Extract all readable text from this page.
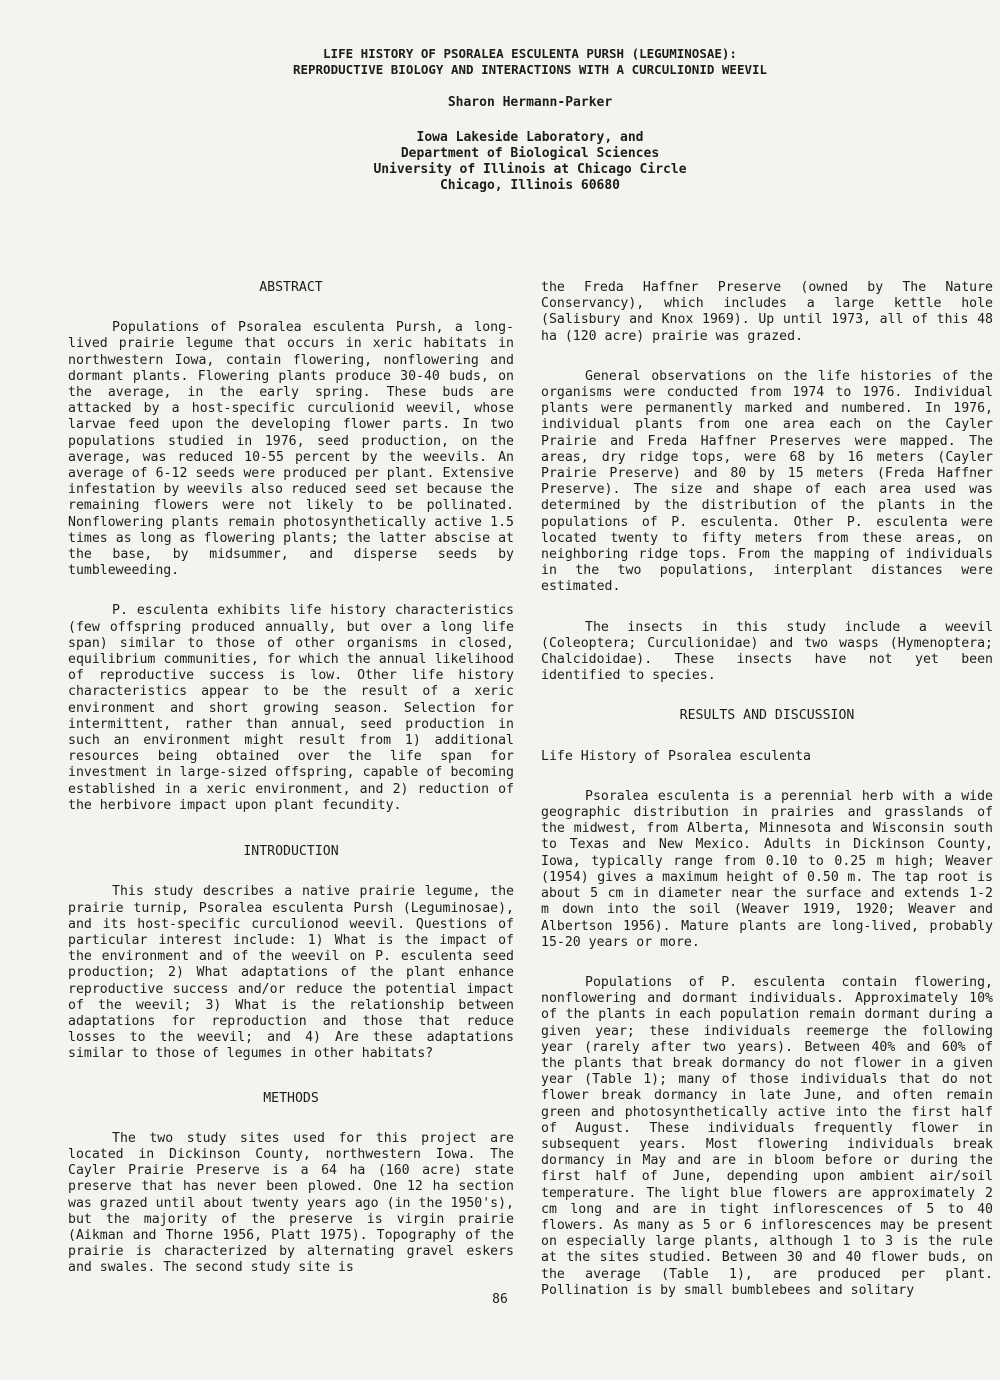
LIFE HISTORY OF PSORALEA ESCULENTA PURSH (LEGUMINOSAE):
REPRODUCTIVE BIOLOGY AND INTERACTIONS WITH A CURCULIONID WEEVIL
Sharon Hermann-Parker
Iowa Lakeside Laboratory, and
Department of Biological Sciences
University of Illinois at Chicago Circle
Chicago, Illinois 60680
ABSTRACT

Populations of Psoralea esculenta Pursh, a long-lived prairie legume that occurs in xeric habitats in northwestern Iowa, contain flowering, nonflowering and dormant plants. Flowering plants produce 30-40 buds, on the average, in the early spring. These buds are attacked by a host-specific curculionid weevil, whose larvae feed upon the developing flower parts. In two populations studied in 1976, seed production, on the average, was reduced 10-55 percent by the weevils. An average of 6-12 seeds were produced per plant. Extensive infestation by weevils also reduced seed set because the remaining flowers were not likely to be pollinated. Nonflowering plants remain photosynthetically active 1.5 times as long as flowering plants; the latter abscise at the base, by midsummer, and disperse seeds by tumbleweeding.

P. esculenta exhibits life history characteristics (few offspring produced annually, but over a long life span) similar to those of other organisms in closed, equilibrium communities, for which the annual likelihood of reproductive success is low. Other life history characteristics appear to be the result of a xeric environment and short growing season. Selection for intermittent, rather than annual, seed production in such an environment might result from 1) additional resources being obtained over the life span for investment in large-sized offspring, capable of becoming established in a xeric environment, and 2) reduction of the herbivore impact upon plant fecundity.

INTRODUCTION

This study describes a native prairie legume, the prairie turnip, Psoralea esculenta Pursh (Leguminosae), and its host-specific curculionod weevil. Questions of particular interest include: 1) What is the impact of the environment and of the weevil on P. esculenta seed production; 2) What adaptations of the plant enhance reproductive success and/or reduce the potential impact of the weevil; 3) What is the relationship between adaptations for reproduction and those that reduce losses to the weevil; and 4) Are these adaptations similar to those of legumes in other habitats?

METHODS

The two study sites used for this project are located in Dickinson County, northwestern Iowa. The Cayler Prairie Preserve is a 64 ha (160 acre) state preserve that has never been plowed. One 12 ha section was grazed until about twenty years ago (in the 1950's), but the majority of the preserve is virgin prairie (Aikman and Thorne 1956, Platt 1975). Topography of the prairie is characterized by alternating gravel eskers and swales. The second study site is

the Freda Haffner Preserve (owned by The Nature Conservancy), which includes a large kettle hole (Salisbury and Knox 1969). Up until 1973, all of this 48 ha (120 acre) prairie was grazed.

General observations on the life histories of the organisms were conducted from 1974 to 1976. Individual plants were permanently marked and numbered. In 1976, individual plants from one area each on the Cayler Prairie and Freda Haffner Preserves were mapped. The areas, dry ridge tops, were 68 by 16 meters (Cayler Prairie Preserve) and 80 by 15 meters (Freda Haffner Preserve). The size and shape of each area used was determined by the distribution of the plants in the populations of P. esculenta. Other P. esculenta were located twenty to fifty meters from these areas, on neighboring ridge tops. From the mapping of individuals in the two populations, interplant distances were estimated.

The insects in this study include a weevil (Coleoptera; Curculionidae) and two wasps (Hymenoptera; Chalcidoidae). These insects have not yet been identified to species.

RESULTS AND DISCUSSION
Life History of Psoralea esculenta

Psoralea esculenta is a perennial herb with a wide geographic distribution in prairies and grasslands of the midwest, from Alberta, Minnesota and Wisconsin south to Texas and New Mexico. Adults in Dickinson County, Iowa, typically range from 0.10 to 0.25 m high; Weaver (1954) gives a maximum height of 0.50 m. The tap root is about 5 cm in diameter near the surface and extends 1-2 m down into the soil (Weaver 1919, 1920; Weaver and Albertson 1956). Mature plants are long-lived, probably 15-20 years or more.

Populations of P. esculenta contain flowering, nonflowering and dormant individuals. Approximately 10% of the plants in each population remain dormant during a given year; these individuals reemerge the following year (rarely after two years). Between 40% and 60% of the plants that break dormancy do not flower in a given year (Table 1); many of those individuals that do not flower break dormancy in late June, and often remain green and photosynthetically active into the first half of August. These individuals frequently flower in subsequent years. Most flowering individuals break dormancy in May and are in bloom before or during the first half of June, depending upon ambient air/soil temperature. The light blue flowers are approximately 2 cm long and are in tight inflorescences of 5 to 40 flowers. As many as 5 or 6 inflorescences may be present on especially large plants, although 1 to 3 is the rule at the sites studied. Between 30 and 40 flower buds, on the average (Table 1), are produced per plant. Pollination is by small bumblebees and solitary

86
